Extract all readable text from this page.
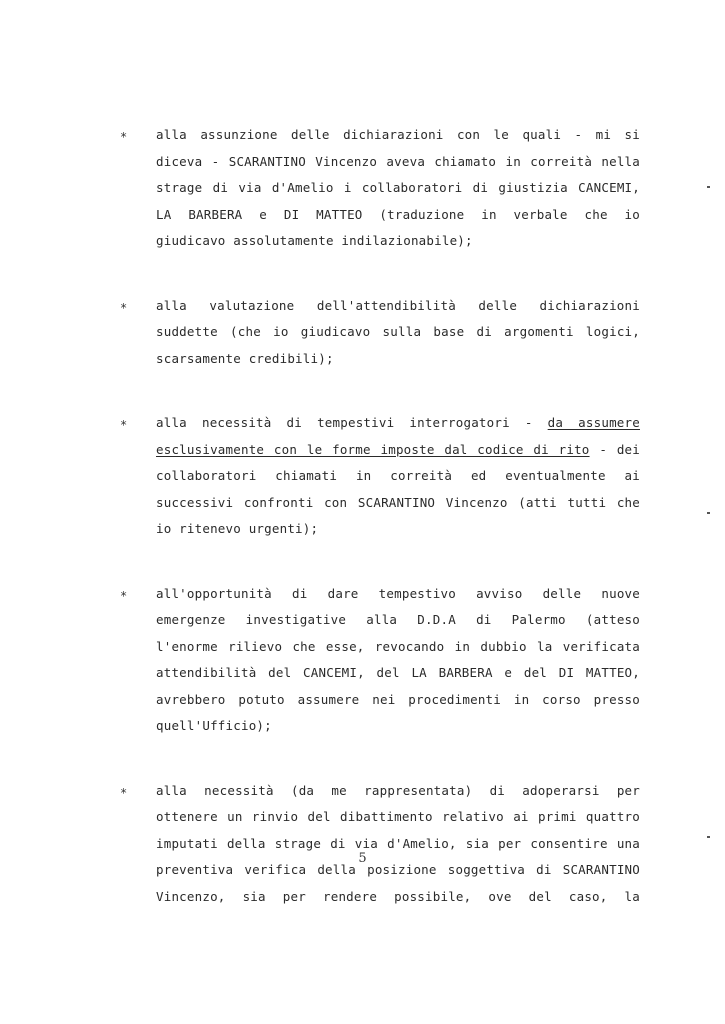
* alla assunzione delle dichiarazioni con le quali - mi si
diceva - SCARANTINO Vincenzo aveva chiamato in correità nella
strage di via d'Amelio i collaboratori di giustizia CANCEMI,
LA BARBERA e DI MATTEO (traduzione in verbale che io
giudicavo assolutamente indilazionabile);
* alla valutazione dell'attendibilità delle dichiarazioni
suddette (che io giudicavo sulla base di argomenti logici,
scarsamente credibili);
* alla necessità di tempestivi interrogatori - da assumere
esclusivamente con le forme imposte dal codice di rito - dei
collaboratori chiamati in correità ed eventualmente ai
successivi confronti con SCARANTINO Vincenzo (atti tutti che
io ritenevo urgenti);
* all'opportunità di dare tempestivo avviso delle nuove
emergenze investigative alla D.D.A di Palermo (atteso
l'enorme rilievo che esse, revocando in dubbio la verificata
attendibilità del CANCEMI, del LA BARBERA e del DI MATTEO,
avrebbero potuto assumere nei procedimenti in corso presso
quell'Ufficio);
* alla necessità (da me rappresentata) di adoperarsi per
ottenere un rinvio del dibattimento relativo ai primi quattro
imputati della strage di via d'Amelio, sia per consentire una
preventiva verifica della posizione soggettiva di SCARANTINO
Vincenzo, sia per rendere possibile, ove del caso, la
5
